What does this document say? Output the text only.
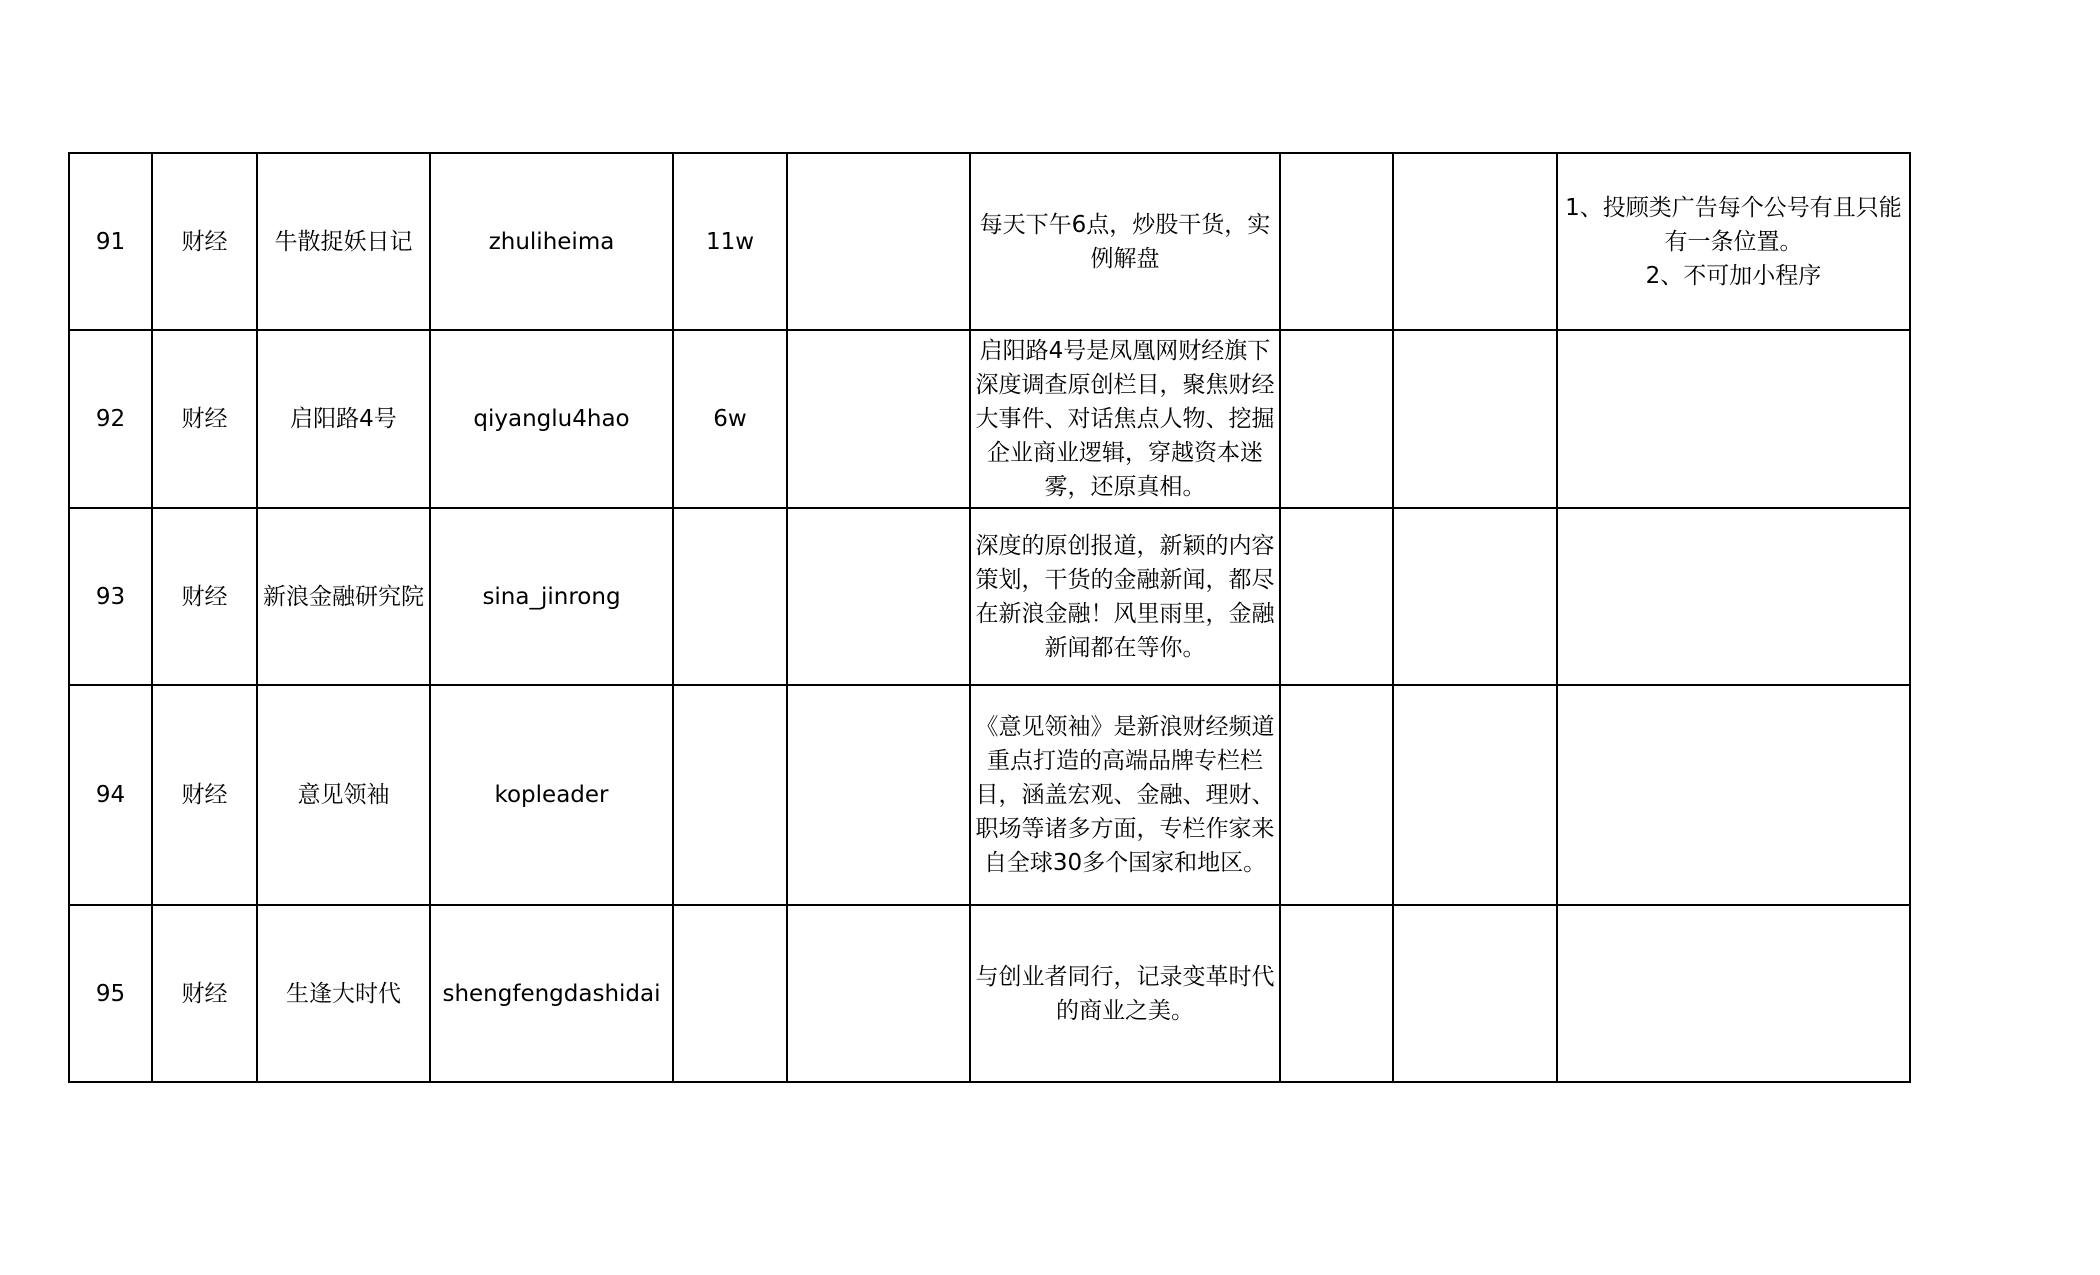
91	财经	牛散捉妖日记	zhuliheima	11w		每天下午6点，炒股干货，实例解盘			1、投顾类广告每个公号有且只能有一条位置。
2、不可加小程序

92	财经	启阳路4号	qiyanglu4hao	6w		启阳路4号是凤凰网财经旗下深度调查原创栏目，聚焦财经大事件、对话焦点人物、挖掘企业商业逻辑，穿越资本迷雾，还原真相。			
93	财经	新浪金融研究院	sina_jinrong			深度的原创报道，新颖的内容策划，干货的金融新闻，都尽在新浪金融！风里雨里，金融新闻都在等你。			
94	财经	意见领袖	kopleader			《意见领袖》是新浪财经频道重点打造的高端品牌专栏栏目，涵盖宏观、金融、理财、职场等诸多方面，专栏作家来自全球30多个国家和地区。			
95	财经	生逢大时代	shengfengdashidai			与创业者同行，记录变革时代的商业之美。			
